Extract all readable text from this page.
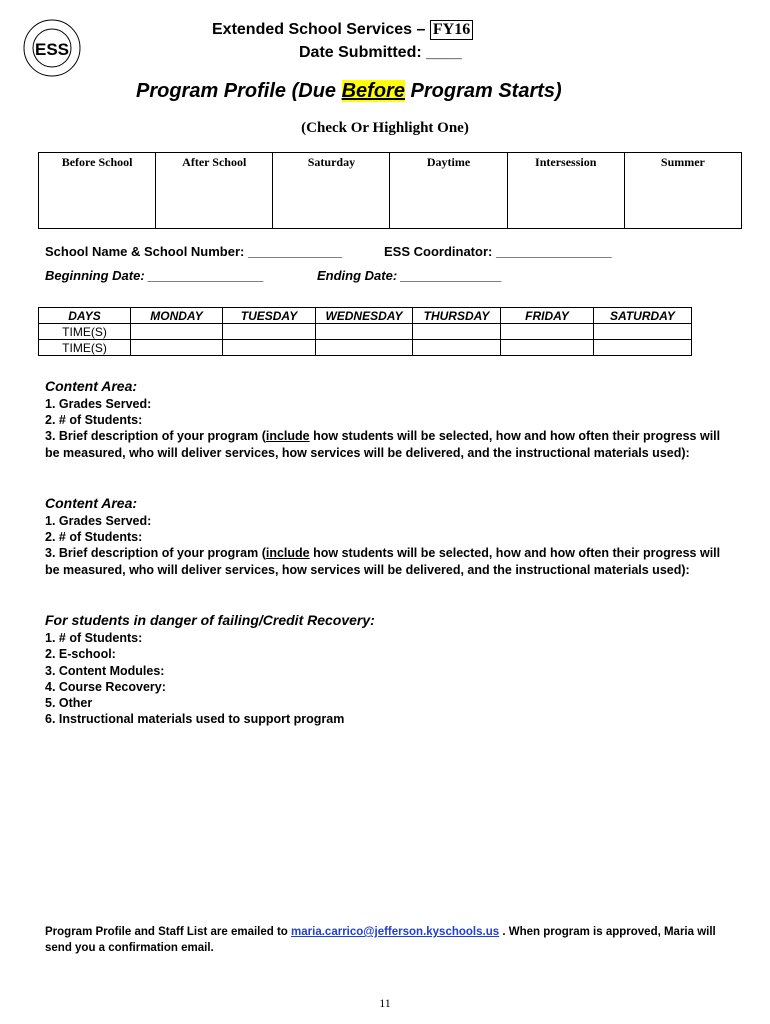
ESS
Extended School Services – FY16
Date Submitted: ____
Program Profile (Due Before Program Starts)
(Check Or Highlight One)
Before School	After School	Saturday	Daytime	Intersession	Summer
School Name & School Number: _____________	ESS Coordinator: ________________
Beginning Date: ________________	Ending Date: ______________
DAYS	MONDAY	TUESDAY	WEDNESDAY	THURSDAY	FRIDAY	SATURDAY
TIME(S)						
TIME(S)						
Content Area:
1. Grades Served:
2. # of Students:
3. Brief description of your program (include how students will be selected, how and how often their progress will be measured, who will deliver services, how services will be delivered, and the instructional materials used):
Content Area:
1. Grades Served:
2. # of Students:
3. Brief description of your program (include how students will be selected, how and how often their progress will be measured, who will deliver services, how services will be delivered, and the instructional materials used):
For students in danger of failing/Credit Recovery:
1. # of Students:
2. E-school:
3. Content Modules:
4. Course Recovery:
5. Other
6. Instructional materials used to support program
Program Profile and Staff List are emailed to maria.carrico@jefferson.kyschools.us . When program is approved, Maria will send you a confirmation email.
11
